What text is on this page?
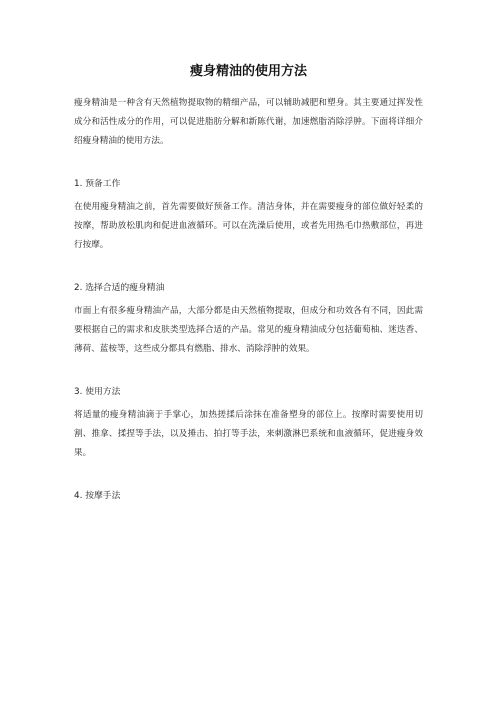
瘦身精油的使用方法

瘦身精油是一种含有天然植物提取物的精细产品，可以辅助减肥和塑身。其主要通过挥发性成分和活性成分的作用，可以促进脂肪分解和新陈代谢，加速燃脂消除浮肿。下面将详细介绍瘦身精油的使用方法。

1. 预备工作

在使用瘦身精油之前，首先需要做好预备工作。清洁身体，并在需要瘦身的部位做好轻柔的按摩，帮助放松肌肉和促进血液循环。可以在洗澡后使用，或者先用热毛巾热敷部位，再进行按摩。

2. 选择合适的瘦身精油

市面上有很多瘦身精油产品，大部分都是由天然植物提取，但成分和功效各有不同，因此需要根据自己的需求和皮肤类型选择合适的产品。常见的瘦身精油成分包括葡萄柚、迷迭香、薄荷、蓝桉等，这些成分都具有燃脂、排水、消除浮肿的效果。

3. 使用方法

将适量的瘦身精油滴于手掌心，加热搓揉后涂抹在准备塑身的部位上。按摩时需要使用切割、推拿、揉捏等手法，以及捶击、拍打等手法，来刺激淋巴系统和血液循环，促进瘦身效果。

4. 按摩手法
